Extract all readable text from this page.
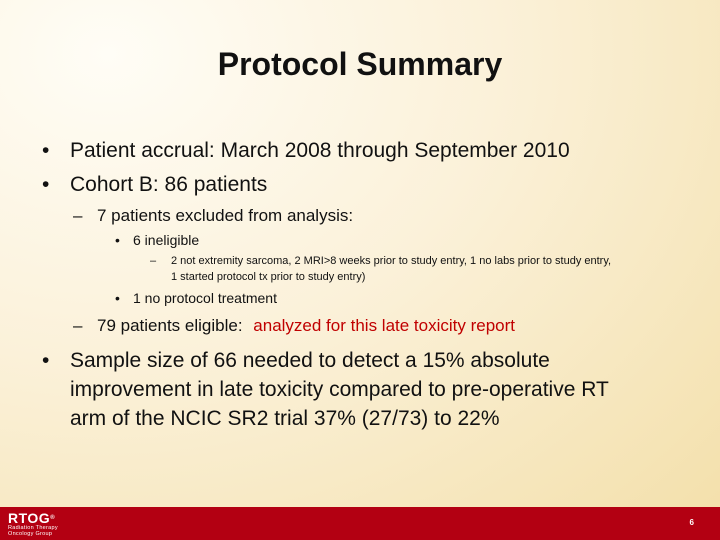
Protocol Summary
• Patient accrual: March 2008 through September 2010
• Cohort B: 86 patients
– 7 patients excluded from analysis:
• 6 ineligible
–	2 not extremity sarcoma, 2 MRI>8 weeks prior to study entry, 1 no labs prior to study entry,
1 started protocol tx prior to study entry)
• 1 no protocol treatment
– 79 patients eligible: analyzed for this late toxicity report
• Sample size of 66 needed to detect a 15% absolute
improvement in late toxicity compared to pre-operative RT
arm of the NCIC SR2 trial 37% (27/73) to 22%
RTOG®
Radiation Therapy
Oncology Group
6
